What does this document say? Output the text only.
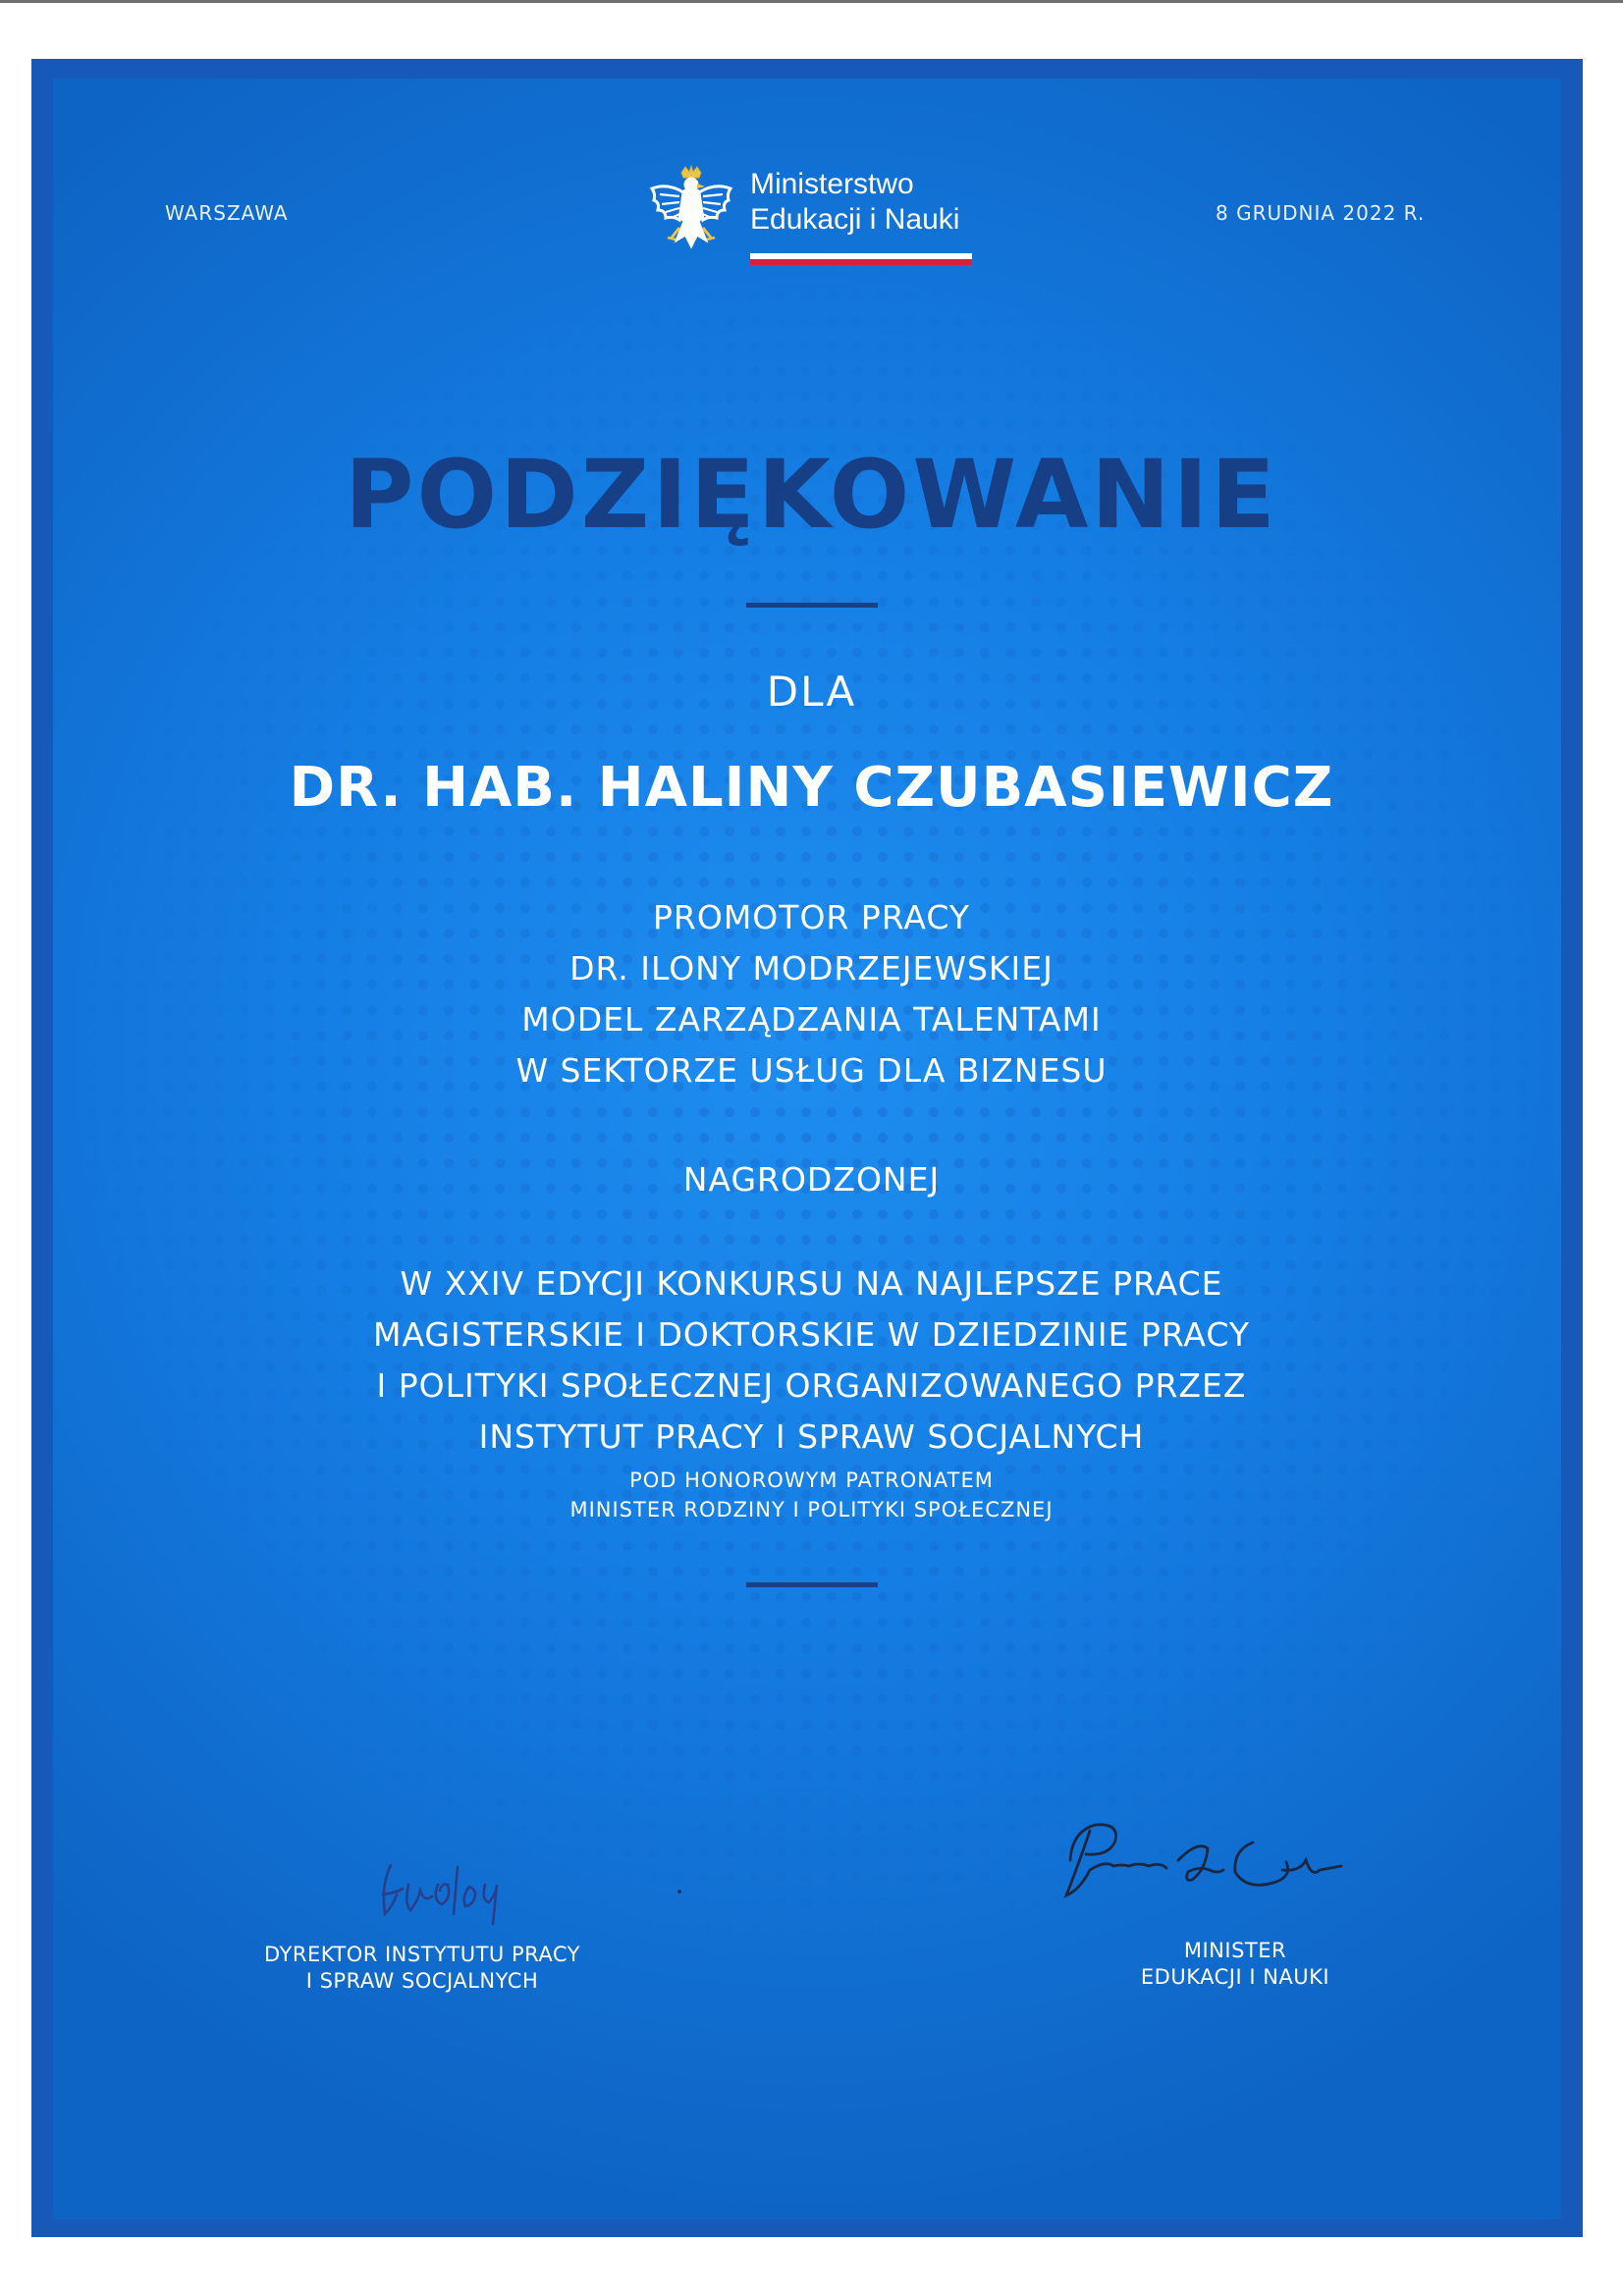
WARSZAWA	8 GRUDNIA 2022 R.
Ministerstwo
Edukacji i Nauki
PODZIĘKOWANIE
DLA
DR. HAB. HALINY CZUBASIEWICZ
PROMOTOR PRACY
DR. ILONY MODRZEJEWSKIEJ
MODEL ZARZĄDZANIA TALENTAMI
W SEKTORZE USŁUG DLA BIZNESU
NAGRODZONEJ
W XXIV EDYCJI KONKURSU NA NAJLEPSZE PRACE
MAGISTERSKIE I DOKTORSKIE W DZIEDZINIE PRACY
I POLITYKI SPOŁECZNEJ ORGANIZOWANEGO PRZEZ
INSTYTUT PRACY I SPRAW SOCJALNYCH
POD HONOROWYM PATRONATEM
MINISTER RODZINY I POLITYKI SPOŁECZNEJ
DYREKTOR INSTYTUTU PRACY
I SPRAW SOCJALNYCH
MINISTER
EDUKACJI I NAUKI
